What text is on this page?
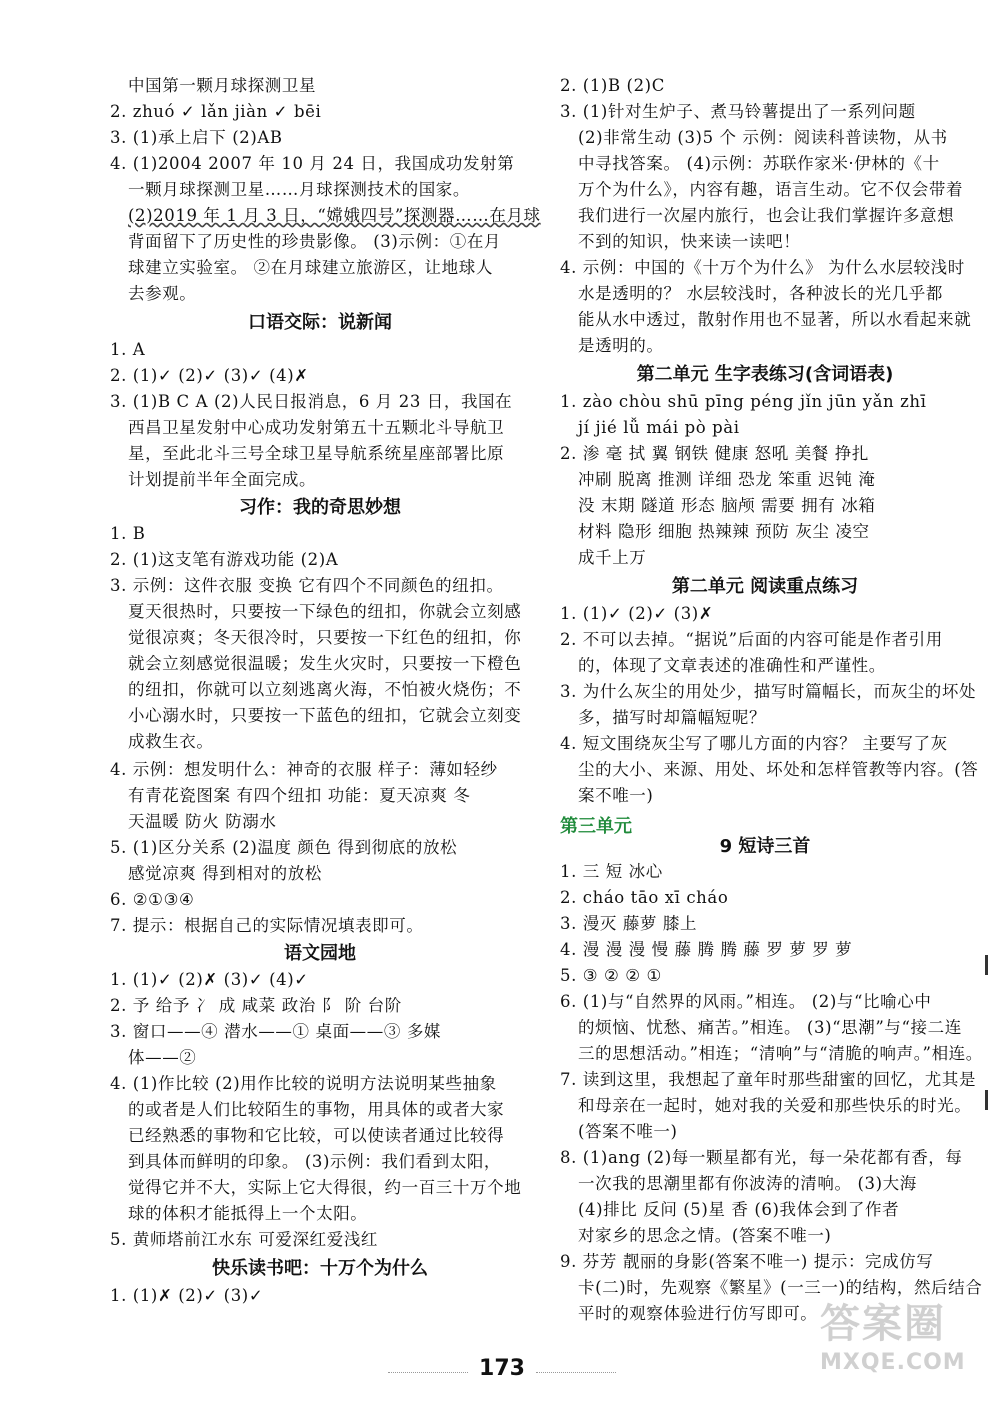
中国第一颗月球探测卫星
2. zhuó ✓ lǎn jiàn ✓ bēi
3. (1)承上启下 (2)AB
4. (1)2004 2007 年 10 月 24 日，我国成功发射第
一颗月球探测卫星……月球探测技术的国家。
(2)2019 年 1 月 3 日，“嫦娥四号”探测器……在月球
背面留下了历史性的珍贵影像。 (3)示例：①在月
球建立实验室。 ②在月球建立旅游区，让地球人
去参观。
口语交际：说新闻
1. A
2. (1)✓ (2)✓ (3)✓ (4)✗
3. (1)B C A (2)人民日报消息，6 月 23 日，我国在
西昌卫星发射中心成功发射第五十五颗北斗导航卫
星，至此北斗三号全球卫星导航系统星座部署比原
计划提前半年全面完成。
习作：我的奇思妙想
1. B
2. (1)这支笔有游戏功能 (2)A
3. 示例：这件衣服 变换 它有四个不同颜色的纽扣。
夏天很热时，只要按一下绿色的纽扣，你就会立刻感
觉很凉爽；冬天很冷时，只要按一下红色的纽扣，你
就会立刻感觉很温暖；发生火灾时，只要按一下橙色
的纽扣，你就可以立刻逃离火海，不怕被火烧伤；不
小心溺水时，只要按一下蓝色的纽扣，它就会立刻变
成救生衣。
4. 示例：想发明什么：神奇的衣服 样子：薄如轻纱
有青花瓷图案 有四个纽扣 功能：夏天凉爽 冬
天温暖 防火 防溺水
5. (1)区分关系 (2)温度 颜色 得到彻底的放松
感觉凉爽 得到相对的放松
6. ②①③④
7. 提示：根据自己的实际情况填表即可。
语文园地
1. (1)✓ (2)✗ (3)✓ (4)✓
2. 予 给予 冫 成 咸菜 政治 阝 阶 台阶
3. 窗口——④ 潜水——① 桌面——③ 多媒
体——②
4. (1)作比较 (2)用作比较的说明方法说明某些抽象
的或者是人们比较陌生的事物，用具体的或者大家
已经熟悉的事物和它比较，可以使读者通过比较得
到具体而鲜明的印象。 (3)示例：我们看到太阳，
觉得它并不大，实际上它大得很，约一百三十万个地
球的体积才能抵得上一个太阳。
5. 黄师塔前江水东 可爱深红爱浅红
快乐读书吧：十万个为什么
1. (1)✗ (2)✓ (3)✓
2. (1)B (2)C
3. (1)针对生炉子、煮马铃薯提出了一系列问题
(2)非常生动 (3)5 个 示例：阅读科普读物，从书
中寻找答案。 (4)示例：苏联作家米·伊林的《十
万个为什么》，内容有趣，语言生动。它不仅会带着
我们进行一次屋内旅行，也会让我们掌握许多意想
不到的知识，快来读一读吧！
4. 示例：中国的《十万个为什么》 为什么水层较浅时
水是透明的？ 水层较浅时，各种波长的光几乎都
能从水中透过，散射作用也不显著，所以水看起来就
是透明的。
第二单元 生字表练习(含词语表)
1. zào chòu shū pīng péng jǐn jūn yǎn zhī
jí jié lǚ mái pò pài
2. 渗 毫 拭 翼 钢铁 健康 怒吼 美餐 挣扎
冲刷 脱离 推测 详细 恐龙 笨重 迟钝 淹
没 末期 隧道 形态 脑颅 需要 拥有 冰箱
材料 隐形 细胞 热辣辣 预防 灰尘 凌空
成千上万
第二单元 阅读重点练习
1. (1)✓ (2)✓ (3)✗
2. 不可以去掉。“据说”后面的内容可能是作者引用
的，体现了文章表述的准确性和严谨性。
3. 为什么灰尘的用处少，描写时篇幅长，而灰尘的坏处
多，描写时却篇幅短呢？
4. 短文围绕灰尘写了哪儿方面的内容？ 主要写了灰
尘的大小、来源、用处、坏处和怎样管教等内容。(答
案不唯一)
第三单元
9 短诗三首
1. 三 短 冰心
2. cháo tāo xī cháo
3. 漫灭 藤萝 膝上
4. 漫 漫 漫 慢 藤 腾 腾 藤 罗 萝 罗 萝
5. ③ ② ② ①
6. (1)与“自然界的风雨。”相连。 (2)与“比喻心中
的烦恼、忧愁、痛苦。”相连。 (3)“思潮”与“接二连
三的思想活动。”相连；“清响”与“清脆的响声。”相连。
7. 读到这里，我想起了童年时那些甜蜜的回忆，尤其是
和母亲在一起时，她对我的关爱和那些快乐的时光。
(答案不唯一)
8. (1)ang (2)每一颗星都有光，每一朵花都有香，每
一次我的思潮里都有你波涛的清响。 (3)大海
(4)排比 反问 (5)星 香 (6)我体会到了作者
对家乡的思念之情。(答案不唯一)
9. 芬芳 靓丽的身影(答案不唯一) 提示：完成仿写
卡(二)时，先观察《繁星》(一三一)的结构，然后结合
平时的观察体验进行仿写即可。
173
答案圈
MXQE.COM
